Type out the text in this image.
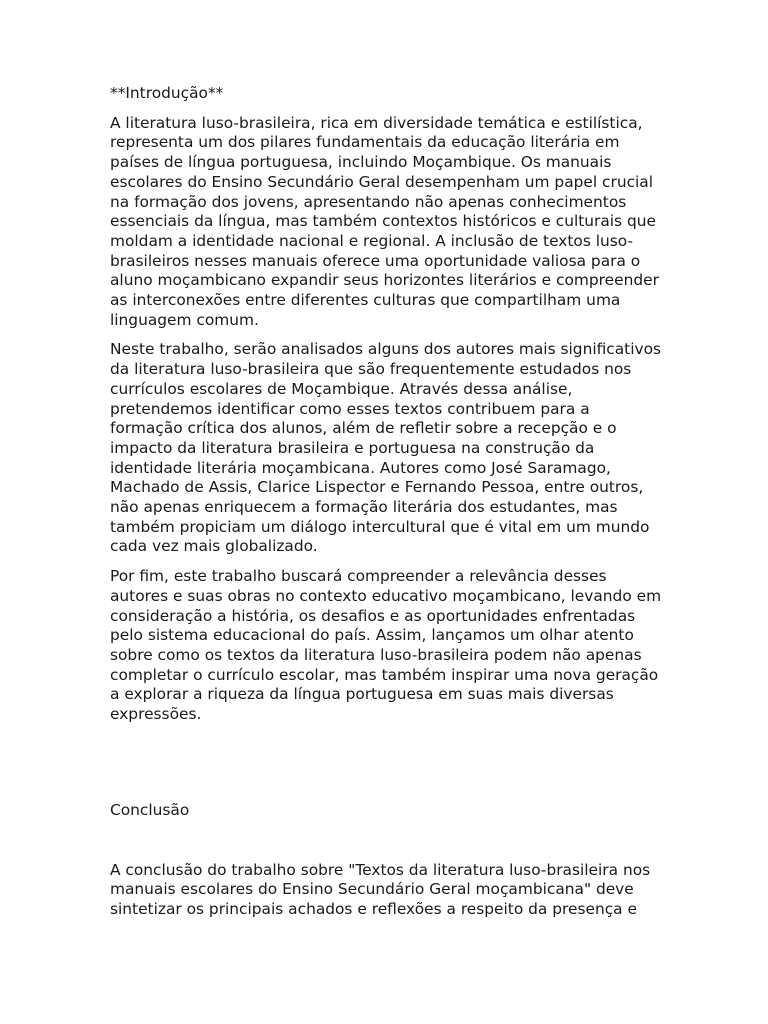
**Introdução**

A literatura luso-brasileira, rica em diversidade temática e estilística, representa um dos pilares fundamentais da educação literária em países de língua portuguesa, incluindo Moçambique. Os manuais escolares do Ensino Secundário Geral desempenham um papel crucial na formação dos jovens, apresentando não apenas conhecimentos essenciais da língua, mas também contextos históricos e culturais que moldam a identidade nacional e regional. A inclusão de textos luso-brasileiros nesses manuais oferece uma oportunidade valiosa para o aluno moçambicano expandir seus horizontes literários e compreender as interconexões entre diferentes culturas que compartilham uma linguagem comum.

Neste trabalho, serão analisados alguns dos autores mais significativos da literatura luso-brasileira que são frequentemente estudados nos currículos escolares de Moçambique. Através dessa análise, pretendemos identificar como esses textos contribuem para a formação crítica dos alunos, além de refletir sobre a recepção e o impacto da literatura brasileira e portuguesa na construção da identidade literária moçambicana. Autores como José Saramago, Machado de Assis, Clarice Lispector e Fernando Pessoa, entre outros, não apenas enriquecem a formação literária dos estudantes, mas também propiciam um diálogo intercultural que é vital em um mundo cada vez mais globalizado.

Por fim, este trabalho buscará compreender a relevância desses autores e suas obras no contexto educativo moçambicano, levando em consideração a história, os desafios e as oportunidades enfrentadas pelo sistema educacional do país. Assim, lançamos um olhar atento sobre como os textos da literatura luso-brasileira podem não apenas completar o currículo escolar, mas também inspirar uma nova geração a explorar a riqueza da língua portuguesa em suas mais diversas expressões.

Conclusão

A conclusão do trabalho sobre "Textos da literatura luso-brasileira nos manuais escolares do Ensino Secundário Geral moçambicana" deve sintetizar os principais achados e reflexões a respeito da presença e
